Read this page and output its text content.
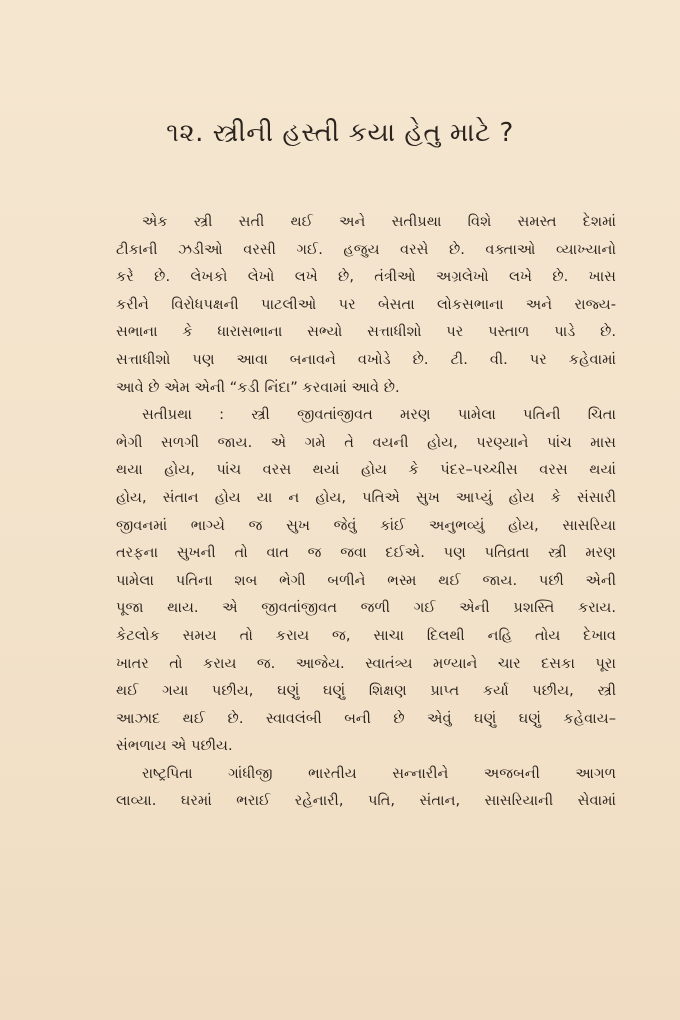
૧૨. સ્ત્રીની હસ્તી કયા હેતુ માટે ?
એક સ્ત્રી સતી થઈ અને સતીપ્રથા વિશે સમસ્ત દેશમાં
ટીકાની ઝડીઓ વરસી ગઈ. હજુય વરસે છે. વક્તાઓ વ્યાખ્યાનો
કરે છે. લેખકો લેખો લખે છે, તંત્રીઓ અગ્રલેખો લખે છે. ખાસ
કરીને વિરોધપક્ષની પાટલીઓ પર બેસતા લોકસભાના અને રાજ્ય-
સભાના કે ધારાસભાના સભ્યો સત્તાધીશો પર પસ્તાળ પાડે છે.
સત્તાધીશો પણ આવા બનાવને વખોડે છે. ટી. વી. પર કહેવામાં
આવે છે એમ એની “કડી નિંદા” કરવામાં આવે છે.
સતીપ્રથા : સ્ત્રી જીવતાંજીવત મરણ પામેલા પતિની ચિતા
ભેગી સળગી જાય. એ ગમે તે વયની હોય, પરણ્યાને પાંચ માસ
થયા હોય, પાંચ વરસ થયાં હોય કે પંદર–પચ્ચીસ વરસ થયાં
હોય, સંતાન હોય યા ન હોય, પતિએ સુખ આપ્યું હોય કે સંસારી
જીવનમાં ભાગ્યે જ સુખ જેવું કાંઈ અનુભવ્યું હોય, સાસરિયા
તરફના સુખની તો વાત જ જવા દઈએ. પણ પતિવ્રતા સ્ત્રી મરણ
પામેલા પતિના શબ ભેગી બળીને ભસ્મ થઈ જાય. પછી એની
પૂજા થાય. એ જીવતાંજીવત જળી ગઈ એની પ્રશસ્તિ કરાય.
કેટલોક સમય તો કરાય જ, સાચા દિલથી નહિ તોય દેખાવ
ખાતર તો કરાય જ. આજેય. સ્વાતંત્ર્ય મળ્યાને ચાર દસકા પૂરા
થઈ ગયા પછીય, ઘણું ઘણું શિક્ષણ પ્રાપ્ત કર્યા પછીય, સ્ત્રી
આઝાદ થઈ છે. સ્વાવલંબી બની છે એવું ઘણું ઘણું કહેવાય–
સંભળાય એ પછીય.
રાષ્ટ્રપિતા ગાંધીજી ભારતીય સન્નારીને અજબની આગળ
લાવ્યા. ઘરમાં ભરાઈ રહેનારી, પતિ, સંતાન, સાસરિયાની સેવામાં
